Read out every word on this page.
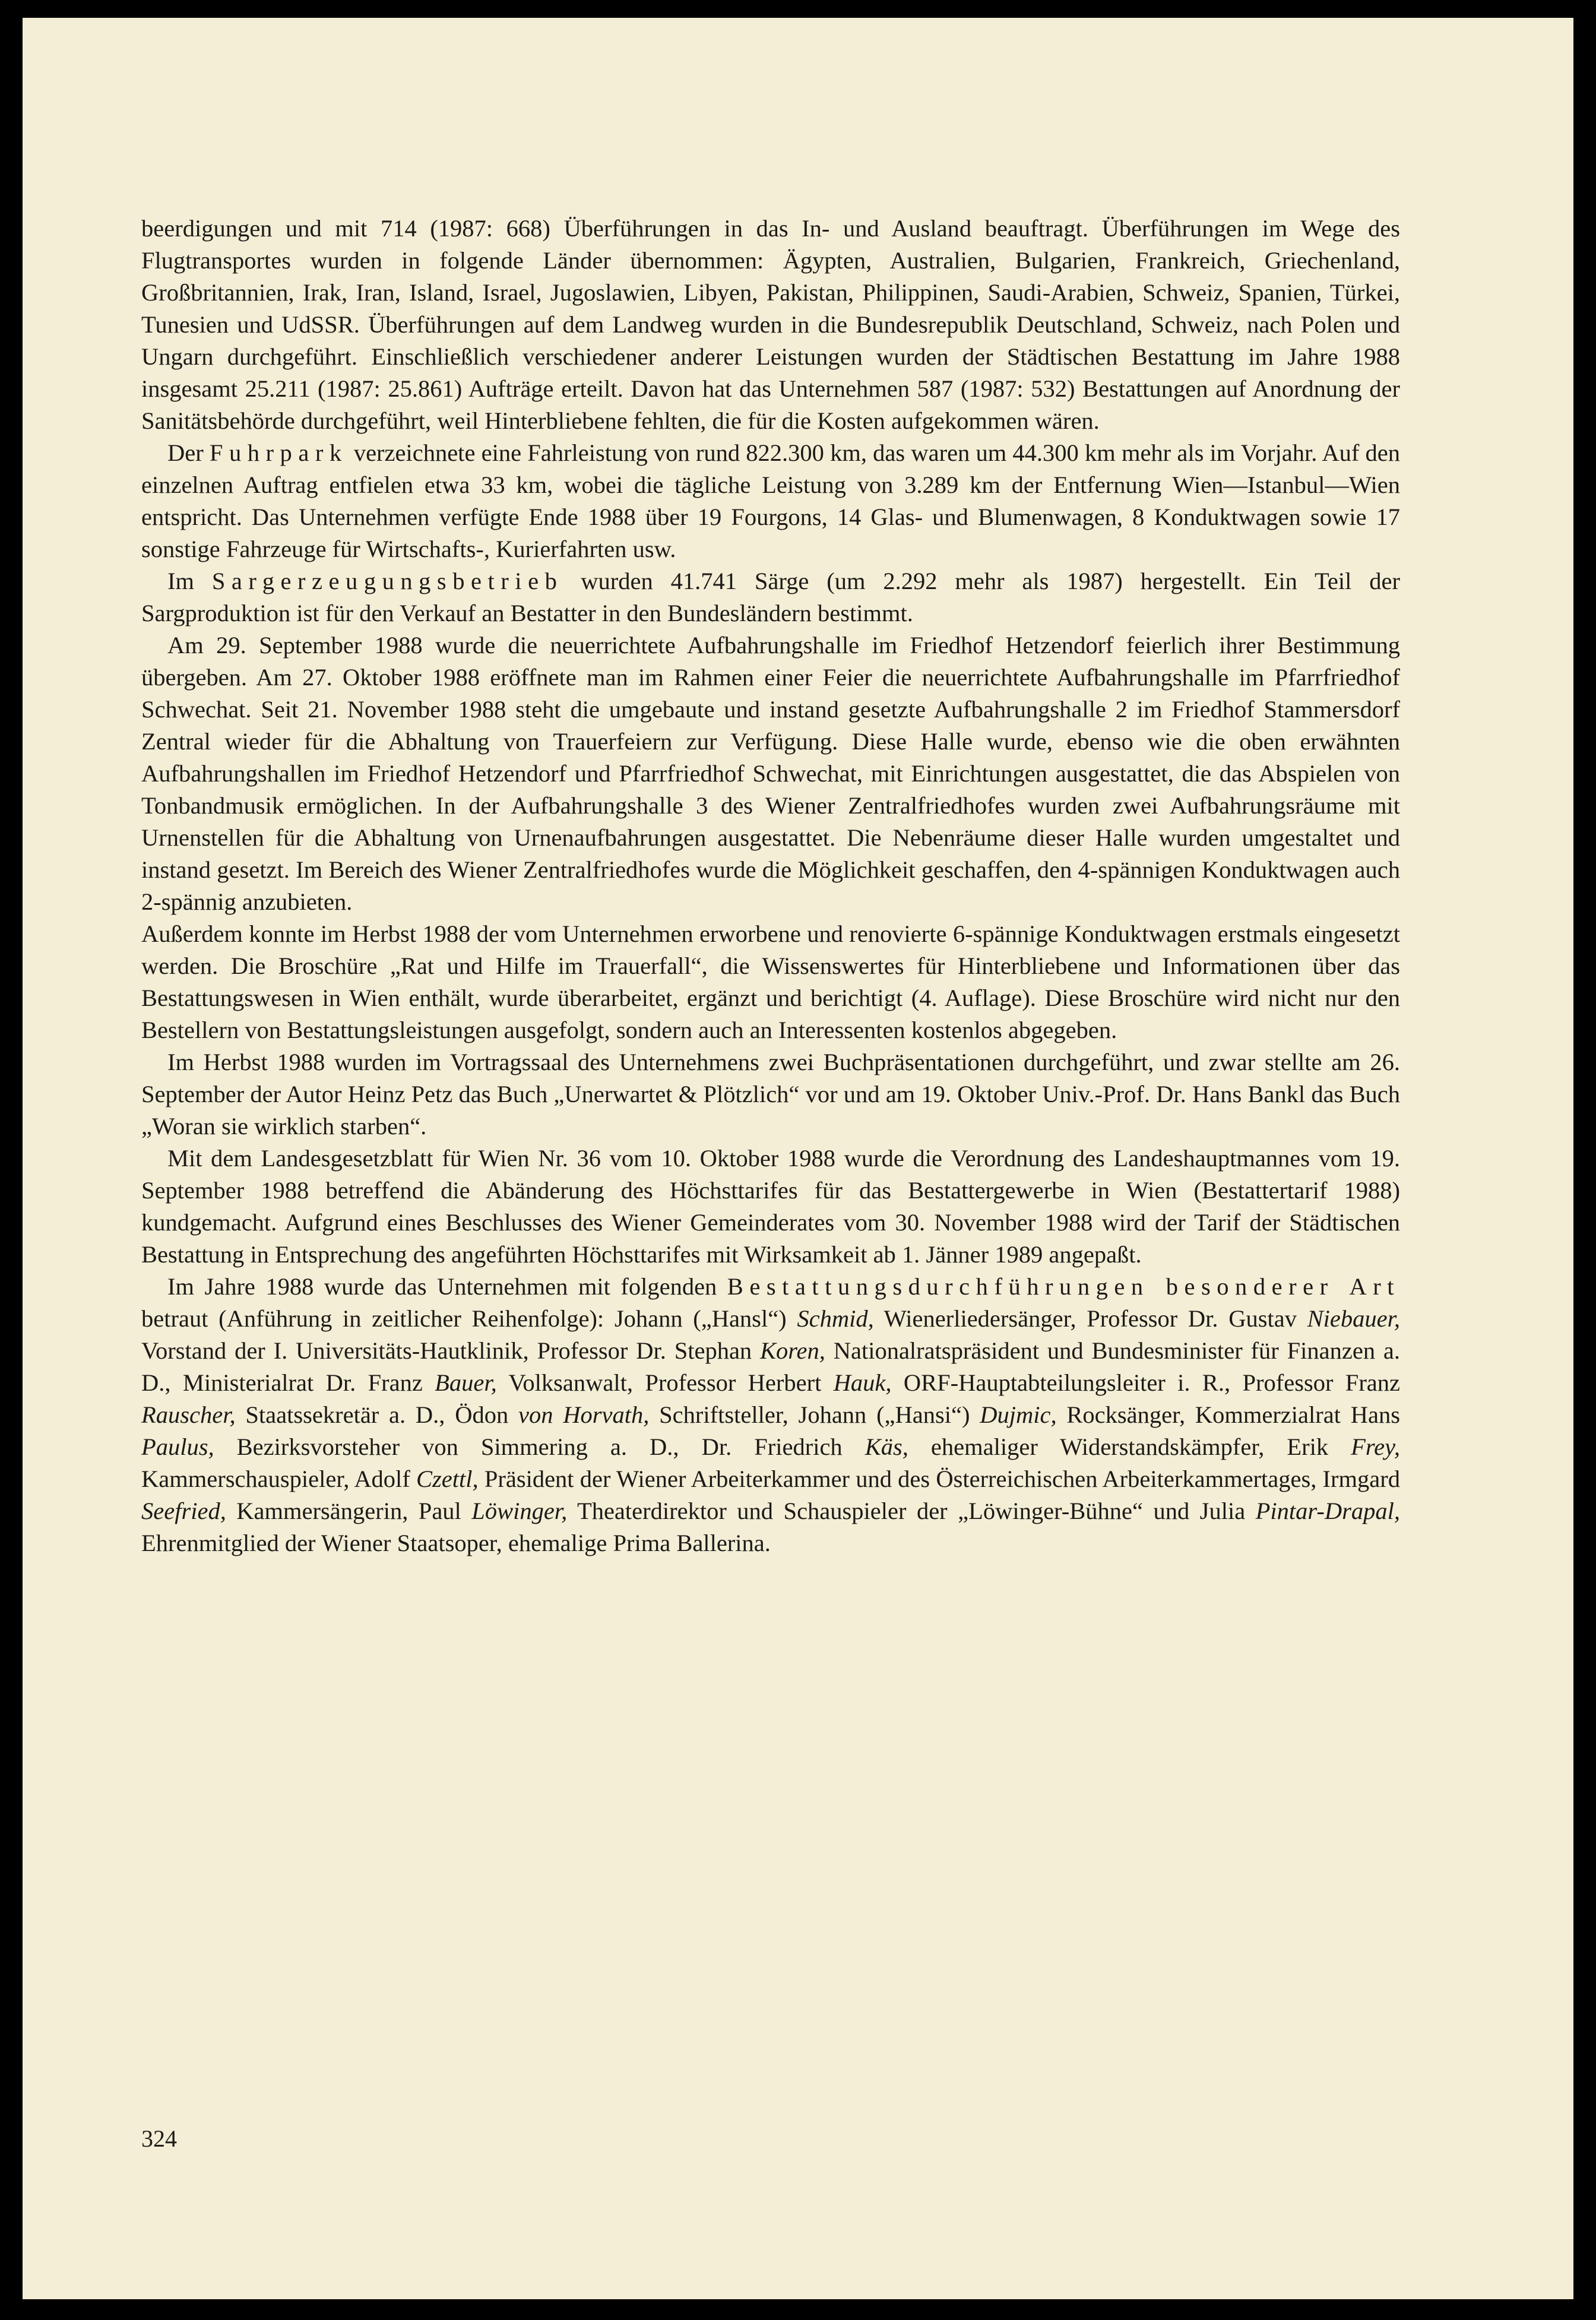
beerdigungen und mit 714 (1987: 668) Überführungen in das In- und Ausland beauftragt. Überführungen im Wege des Flugtransportes wurden in folgende Länder übernommen: Ägypten, Australien, Bulgarien, Frankreich, Griechenland, Großbritannien, Irak, Iran, Island, Israel, Jugoslawien, Libyen, Pakistan, Philippinen, Saudi-Arabien, Schweiz, Spanien, Türkei, Tunesien und UdSSR. Überführungen auf dem Landweg wurden in die Bundesrepublik Deutschland, Schweiz, nach Polen und Ungarn durchgeführt. Einschließlich verschiedener anderer Leistungen wurden der Städtischen Bestattung im Jahre 1988 insgesamt 25.211 (1987: 25.861) Aufträge erteilt. Davon hat das Unternehmen 587 (1987: 532) Bestattungen auf Anordnung der Sanitätsbehörde durchgeführt, weil Hinterbliebene fehlten, die für die Kosten aufgekommen wären.

Der Fuhrpark verzeichnete eine Fahrleistung von rund 822.300 km, das waren um 44.300 km mehr als im Vorjahr. Auf den einzelnen Auftrag entfielen etwa 33 km, wobei die tägliche Leistung von 3.289 km der Entfernung Wien—Istanbul—Wien entspricht. Das Unternehmen verfügte Ende 1988 über 19 Fourgons, 14 Glas- und Blumenwagen, 8 Konduktwagen sowie 17 sonstige Fahrzeuge für Wirtschafts-, Kurierfahrten usw.

Im Sargerzeugungsbetrieb wurden 41.741 Särge (um 2.292 mehr als 1987) hergestellt. Ein Teil der Sargproduktion ist für den Verkauf an Bestatter in den Bundesländern bestimmt.

Am 29. September 1988 wurde die neuerrichtete Aufbahrungshalle im Friedhof Hetzendorf feierlich ihrer Bestimmung übergeben. Am 27. Oktober 1988 eröffnete man im Rahmen einer Feier die neuerrichtete Aufbahrungshalle im Pfarrfriedhof Schwechat. Seit 21. November 1988 steht die umgebaute und instand gesetzte Aufbahrungshalle 2 im Friedhof Stammersdorf Zentral wieder für die Abhaltung von Trauerfeiern zur Verfügung. Diese Halle wurde, ebenso wie die oben erwähnten Aufbahrungshallen im Friedhof Hetzendorf und Pfarrfriedhof Schwechat, mit Einrichtungen ausgestattet, die das Abspielen von Tonbandmusik ermöglichen. In der Aufbahrungshalle 3 des Wiener Zentralfriedhofes wurden zwei Aufbahrungsräume mit Urnenstellen für die Abhaltung von Urnenaufbahrungen ausgestattet. Die Nebenräume dieser Halle wurden umgestaltet und instand gesetzt. Im Bereich des Wiener Zentralfriedhofes wurde die Möglichkeit geschaffen, den 4-spännigen Konduktwagen auch 2-spännig anzubieten.

Außerdem konnte im Herbst 1988 der vom Unternehmen erworbene und renovierte 6-spännige Konduktwagen erstmals eingesetzt werden. Die Broschüre „Rat und Hilfe im Trauerfall“, die Wissenswertes für Hinterbliebene und Informationen über das Bestattungswesen in Wien enthält, wurde überarbeitet, ergänzt und berichtigt (4. Auflage). Diese Broschüre wird nicht nur den Bestellern von Bestattungsleistungen ausgefolgt, sondern auch an Interessenten kostenlos abgegeben.

Im Herbst 1988 wurden im Vortragssaal des Unternehmens zwei Buchpräsentationen durchgeführt, und zwar stellte am 26. September der Autor Heinz Petz das Buch „Unerwartet & Plötzlich“ vor und am 19. Oktober Univ.-Prof. Dr. Hans Bankl das Buch „Woran sie wirklich starben“.

Mit dem Landesgesetzblatt für Wien Nr. 36 vom 10. Oktober 1988 wurde die Verordnung des Landeshauptmannes vom 19. September 1988 betreffend die Abänderung des Höchsttarifes für das Bestattergewerbe in Wien (Bestattertarif 1988) kundgemacht. Aufgrund eines Beschlusses des Wiener Gemeinderates vom 30. November 1988 wird der Tarif der Städtischen Bestattung in Entsprechung des angeführten Höchsttarifes mit Wirksamkeit ab 1. Jänner 1989 angepaßt.

Im Jahre 1988 wurde das Unternehmen mit folgenden Bestattungsdurchführungen besonderer Art betraut (Anführung in zeitlicher Reihenfolge): Johann („Hansl“) Schmid, Wienerliedersänger, Professor Dr. Gustav Niebauer, Vorstand der I. Universitäts-Hautklinik, Professor Dr. Stephan Koren, Nationalratspräsident und Bundesminister für Finanzen a. D., Ministerialrat Dr. Franz Bauer, Volksanwalt, Professor Herbert Hauk, ORF-Hauptabteilungsleiter i. R., Professor Franz Rauscher, Staatssekretär a. D., Ödon von Horvath, Schriftsteller, Johann („Hansi“) Dujmic, Rocksänger, Kommerzialrat Hans Paulus, Bezirksvorsteher von Simmering a. D., Dr. Friedrich Käs, ehemaliger Widerstandskämpfer, Erik Frey, Kammerschauspieler, Adolf Czettl, Präsident der Wiener Arbeiterkammer und des Österreichischen Arbeiterkammertages, Irmgard Seefried, Kammersängerin, Paul Löwinger, Theaterdirektor und Schauspieler der „Löwinger-Bühne“ und Julia Pintar-Drapal, Ehrenmitglied der Wiener Staatsoper, ehemalige Prima Ballerina.

324
